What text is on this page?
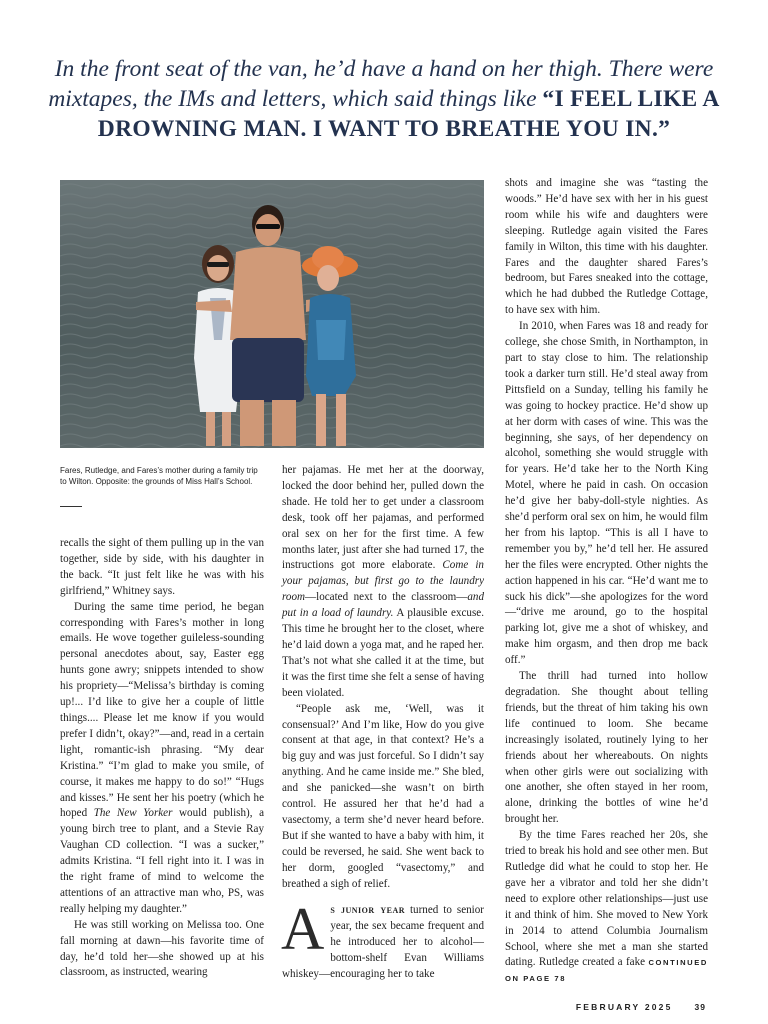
In the front seat of the van, he’d have a hand on her thigh. There were mixtapes, the IMs and letters, which said things like “I FEEL LIKE A DROWNING MAN. I WANT TO BREATHE YOU IN.”
Fares, Rutledge, and Fares’s mother during a family trip to Wilton. Opposite: the grounds of Miss Hall’s School.

recalls the sight of them pulling up in the van together, side by side, with his daughter in the back. “It just felt like he was with his girlfriend,” Whitney says.

During the same time period, he began corresponding with Fares’s mother in long emails. He wove together guileless-sounding personal anecdotes about, say, Easter egg hunts gone awry; snippets intended to show his propriety—“Melissa’s birthday is coming up!... I’d like to give her a couple of little things.... Please let me know if you would prefer I didn’t, okay?”—and, read in a certain light, romantic-ish phrasing. “My dear Kristina.” “I’m glad to make you smile, of course, it makes me happy to do so!” “Hugs and kisses.” He sent her his poetry (which he hoped The New Yorker would publish), a young birch tree to plant, and a Stevie Ray Vaughan CD collection. “I was a sucker,” admits Kristina. “I fell right into it. I was in the right frame of mind to welcome the attentions of an attractive man who, PS, was really helping my daughter.”

He was still working on Melissa too. One fall morning at dawn—his favorite time of day, he’d told her—she showed up at his classroom, as instructed, wearing

her pajamas. He met her at the doorway, locked the door behind her, pulled down the shade. He told her to get under a classroom desk, took off her pajamas, and performed oral sex on her for the first time. A few months later, just after she had turned 17, the instructions got more elaborate. Come in your pajamas, but first go to the laundry room—located next to the classroom—and put in a load of laundry. A plausible excuse. This time he brought her to the closet, where he’d laid down a yoga mat, and he raped her. That’s not what she called it at the time, but it was the first time she felt a sense of having been violated.

“People ask me, ‘Well, was it consensual?’ And I’m like, How do you give consent at that age, in that context? He’s a big guy and was just forceful. So I didn’t say anything. And he came inside me.” She bled, and she panicked—she wasn’t on birth control. He assured her that he’d had a vasectomy, a term she’d never heard before. But if she wanted to have a baby with him, it could be reversed, he said. She went back to her dorm, googled “vasectomy,” and breathed a sigh of relief.

As junior year turned to senior year, the sex became frequent and he introduced her to alcohol—bottom-shelf Evan Williams whiskey—encouraging her to take

shots and imagine she was “tasting the woods.” He’d have sex with her in his guest room while his wife and daughters were sleeping. Rutledge again visited the Fares family in Wilton, this time with his daughter. Fares and the daughter shared Fares’s bedroom, but Fares sneaked into the cottage, which he had dubbed the Rutledge Cottage, to have sex with him.

In 2010, when Fares was 18 and ready for college, she chose Smith, in Northampton, in part to stay close to him. The relationship took a darker turn still. He’d steal away from Pittsfield on a Sunday, telling his family he was going to hockey practice. He’d show up at her dorm with cases of wine. This was the beginning, she says, of her dependency on alcohol, something she would struggle with for years. He’d take her to the North King Motel, where he paid in cash. On occasion he’d give her baby-doll-style nighties. As she’d perform oral sex on him, he would film her from his laptop. “This is all I have to remember you by,” he’d tell her. He assured her the files were encrypted. Other nights the action happened in his car. “He’d want me to suck his dick”—she apologizes for the word—“drive me around, go to the hospital parking lot, give me a shot of whiskey, and make him orgasm, and then drop me back off.”

The thrill had turned into hollow degradation. She thought about telling friends, but the threat of him taking his own life continued to loom. She became increasingly isolated, routinely lying to her friends about her whereabouts. On nights when other girls were out socializing with one another, she often stayed in her room, alone, drinking the bottles of wine he’d brought her.

By the time Fares reached her 20s, she tried to break his hold and see other men. But Rutledge did what he could to stop her. He gave her a vibrator and told her she didn’t need to explore other relationships—just use it and think of him. She moved to New York in 2014 to attend Columbia Journalism School, where she met a man she started dating. Rutledge created a fake CONTINUED ON PAGE 78

FEBRUARY 2025	39
